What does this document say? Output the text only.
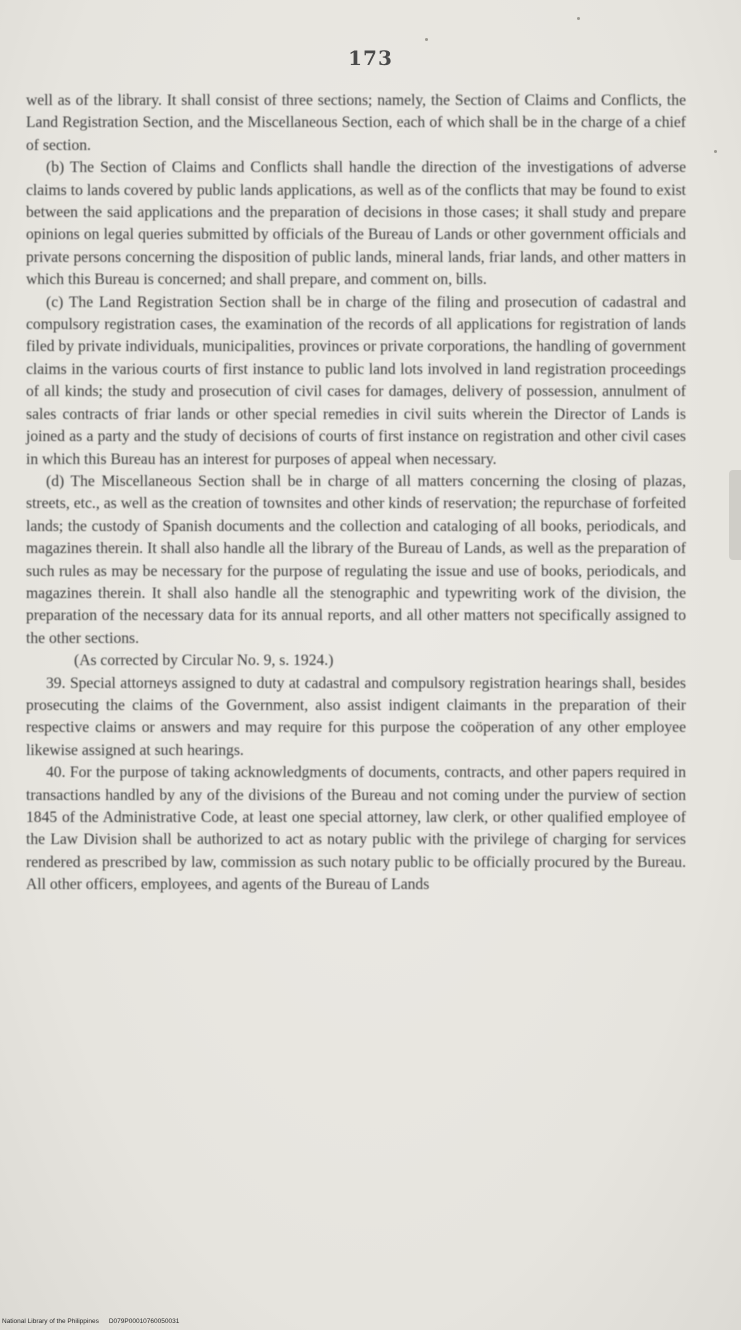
173

well as of the library. It shall consist of three sections; namely, the Section of Claims and Conflicts, the Land Registration Section, and the Miscellaneous Section, each of which shall be in the charge of a chief of section.

(b) The Section of Claims and Conflicts shall handle the direction of the investigations of adverse claims to lands covered by public lands applications, as well as of the conflicts that may be found to exist between the said applications and the preparation of decisions in those cases; it shall study and prepare opinions on legal queries submitted by officials of the Bureau of Lands or other government officials and private persons concerning the disposition of public lands, mineral lands, friar lands, and other matters in which this Bureau is concerned; and shall prepare, and comment on, bills.

(c) The Land Registration Section shall be in charge of the filing and prosecution of cadastral and compulsory registration cases, the examination of the records of all applications for registration of lands filed by private individuals, municipalities, provinces or private corporations, the handling of government claims in the various courts of first instance to public land lots involved in land registration proceedings of all kinds; the study and prosecution of civil cases for damages, delivery of possession, annulment of sales contracts of friar lands or other special remedies in civil suits wherein the Director of Lands is joined as a party and the study of decisions of courts of first instance on registration and other civil cases in which this Bureau has an interest for purposes of appeal when necessary.

(d) The Miscellaneous Section shall be in charge of all matters concerning the closing of plazas, streets, etc., as well as the creation of townsites and other kinds of reservation; the repurchase of forfeited lands; the custody of Spanish documents and the collection and cataloging of all books, periodicals, and magazines therein. It shall also handle all the library of the Bureau of Lands, as well as the preparation of such rules as may be necessary for the purpose of regulating the issue and use of books, periodicals, and magazines therein. It shall also handle all the stenographic and typewriting work of the division, the preparation of the necessary data for its annual reports, and all other matters not specifically assigned to the other sections.

(As corrected by Circular No. 9, s. 1924.)

39. Special attorneys assigned to duty at cadastral and compulsory registration hearings shall, besides prosecuting the claims of the Government, also assist indigent claimants in the preparation of their respective claims or answers and may require for this purpose the coöperation of any other employee likewise assigned at such hearings.

40. For the purpose of taking acknowledgments of documents, contracts, and other papers required in transactions handled by any of the divisions of the Bureau and not coming under the purview of section 1845 of the Administrative Code, at least one special attorney, law clerk, or other qualified employee of the Law Division shall be authorized to act as notary public with the privilege of charging for services rendered as prescribed by law, commission as such notary public to be officially procured by the Bureau. All other officers, employees, and agents of the Bureau of Lands

National Library of the Philippines D079P00010760050031
